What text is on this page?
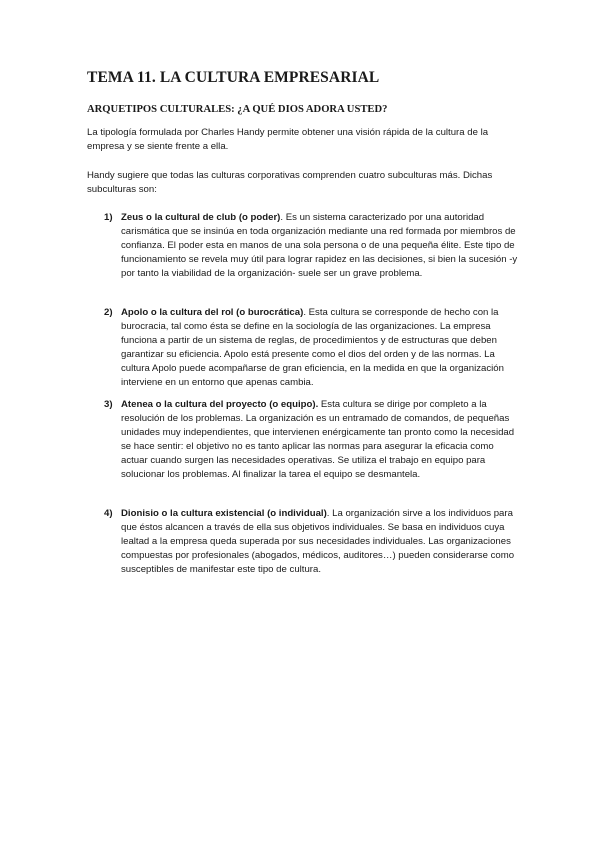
TEMA 11. LA CULTURA EMPRESARIAL
ARQUETIPOS CULTURALES: ¿A QUÉ DIOS ADORA USTED?

La tipología formulada por Charles Handy permite obtener una visión rápida de la cultura de la empresa y se siente frente a ella.

Handy sugiere que todas las culturas corporativas comprenden cuatro subculturas más. Dichas subculturas son:

1) Zeus o la cultural de club (o poder). Es un sistema caracterizado por una autoridad carismática que se insinúa en toda organización mediante una red formada por miembros de confianza. El poder esta en manos de una sola persona o de una pequeña élite. Este tipo de funcionamiento se revela muy útil para lograr rapidez en las decisiones, si bien la sucesión -y por tanto la viabilidad de la organización- suele ser un grave problema.

2) Apolo o la cultura del rol (o burocrática). Esta cultura se corresponde de hecho con la burocracia, tal como ésta se define en la sociología de las organizaciones. La empresa funciona a partir de un sistema de reglas, de procedimientos y de estructuras que deben garantizar su eficiencia. Apolo está presente como el dios del orden y de las normas. La cultura Apolo puede acompañarse de gran eficiencia, en la medida en que la organización interviene en un entorno que apenas cambia.

3) Atenea o la cultura del proyecto (o equipo). Esta cultura se dirige por completo a la resolución de los problemas. La organización es un entramado de comandos, de pequeñas unidades muy independientes, que intervienen enérgicamente tan pronto como la necesidad se hace sentir: el objetivo no es tanto aplicar las normas para asegurar la eficacia como actuar cuando surgen las necesidades operativas. Se utiliza el trabajo en equipo para solucionar los problemas. Al finalizar la tarea el equipo se desmantela.

4) Dionisio o la cultura existencial (o individual). La organización sirve a los individuos para que éstos alcancen a través de ella sus objetivos individuales. Se basa en individuos cuya lealtad a la empresa queda superada por sus necesidades individuales. Las organizaciones compuestas por profesionales (abogados, médicos, auditores…) pueden considerarse como susceptibles de manifestar este tipo de cultura.
